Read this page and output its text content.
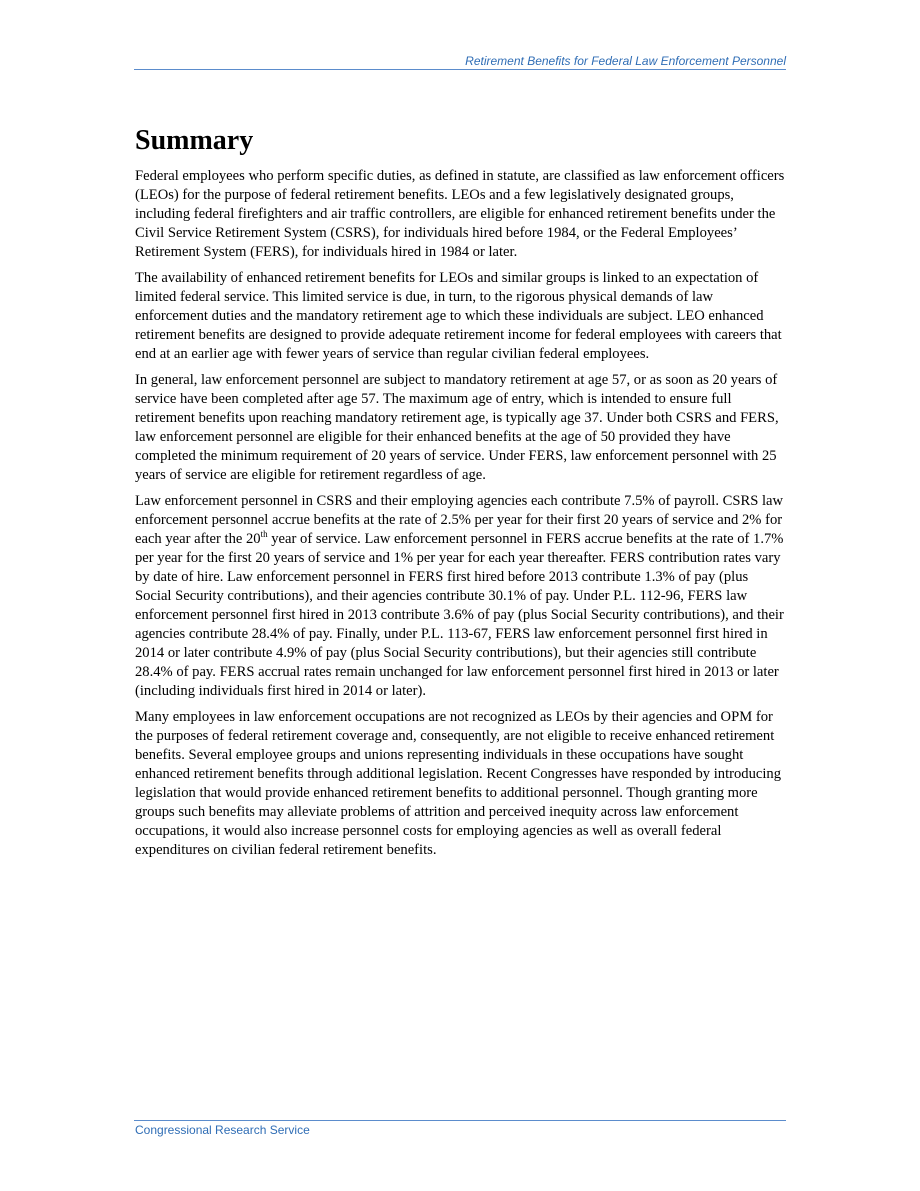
Retirement Benefits for Federal Law Enforcement Personnel
Summary

Federal employees who perform specific duties, as defined in statute, are classified as law enforcement officers (LEOs) for the purpose of federal retirement benefits. LEOs and a few legislatively designated groups, including federal firefighters and air traffic controllers, are eligible for enhanced retirement benefits under the Civil Service Retirement System (CSRS), for individuals hired before 1984, or the Federal Employees’ Retirement System (FERS), for individuals hired in 1984 or later.

The availability of enhanced retirement benefits for LEOs and similar groups is linked to an expectation of limited federal service. This limited service is due, in turn, to the rigorous physical demands of law enforcement duties and the mandatory retirement age to which these individuals are subject. LEO enhanced retirement benefits are designed to provide adequate retirement income for federal employees with careers that end at an earlier age with fewer years of service than regular civilian federal employees.

In general, law enforcement personnel are subject to mandatory retirement at age 57, or as soon as 20 years of service have been completed after age 57. The maximum age of entry, which is intended to ensure full retirement benefits upon reaching mandatory retirement age, is typically age 37. Under both CSRS and FERS, law enforcement personnel are eligible for their enhanced benefits at the age of 50 provided they have completed the minimum requirement of 20 years of service. Under FERS, law enforcement personnel with 25 years of service are eligible for retirement regardless of age.

Law enforcement personnel in CSRS and their employing agencies each contribute 7.5% of payroll. CSRS law enforcement personnel accrue benefits at the rate of 2.5% per year for their first 20 years of service and 2% for each year after the 20th year of service. Law enforcement personnel in FERS accrue benefits at the rate of 1.7% per year for the first 20 years of service and 1% per year for each year thereafter. FERS contribution rates vary by date of hire. Law enforcement personnel in FERS first hired before 2013 contribute 1.3% of pay (plus Social Security contributions), and their agencies contribute 30.1% of pay. Under P.L. 112-96, FERS law enforcement personnel first hired in 2013 contribute 3.6% of pay (plus Social Security contributions), and their agencies contribute 28.4% of pay. Finally, under P.L. 113-67, FERS law enforcement personnel first hired in 2014 or later contribute 4.9% of pay (plus Social Security contributions), but their agencies still contribute 28.4% of pay. FERS accrual rates remain unchanged for law enforcement personnel first hired in 2013 or later (including individuals first hired in 2014 or later).

Many employees in law enforcement occupations are not recognized as LEOs by their agencies and OPM for the purposes of federal retirement coverage and, consequently, are not eligible to receive enhanced retirement benefits. Several employee groups and unions representing individuals in these occupations have sought enhanced retirement benefits through additional legislation. Recent Congresses have responded by introducing legislation that would provide enhanced retirement benefits to additional personnel. Though granting more groups such benefits may alleviate problems of attrition and perceived inequity across law enforcement occupations, it would also increase personnel costs for employing agencies as well as overall federal expenditures on civilian federal retirement benefits.

Congressional Research Service
